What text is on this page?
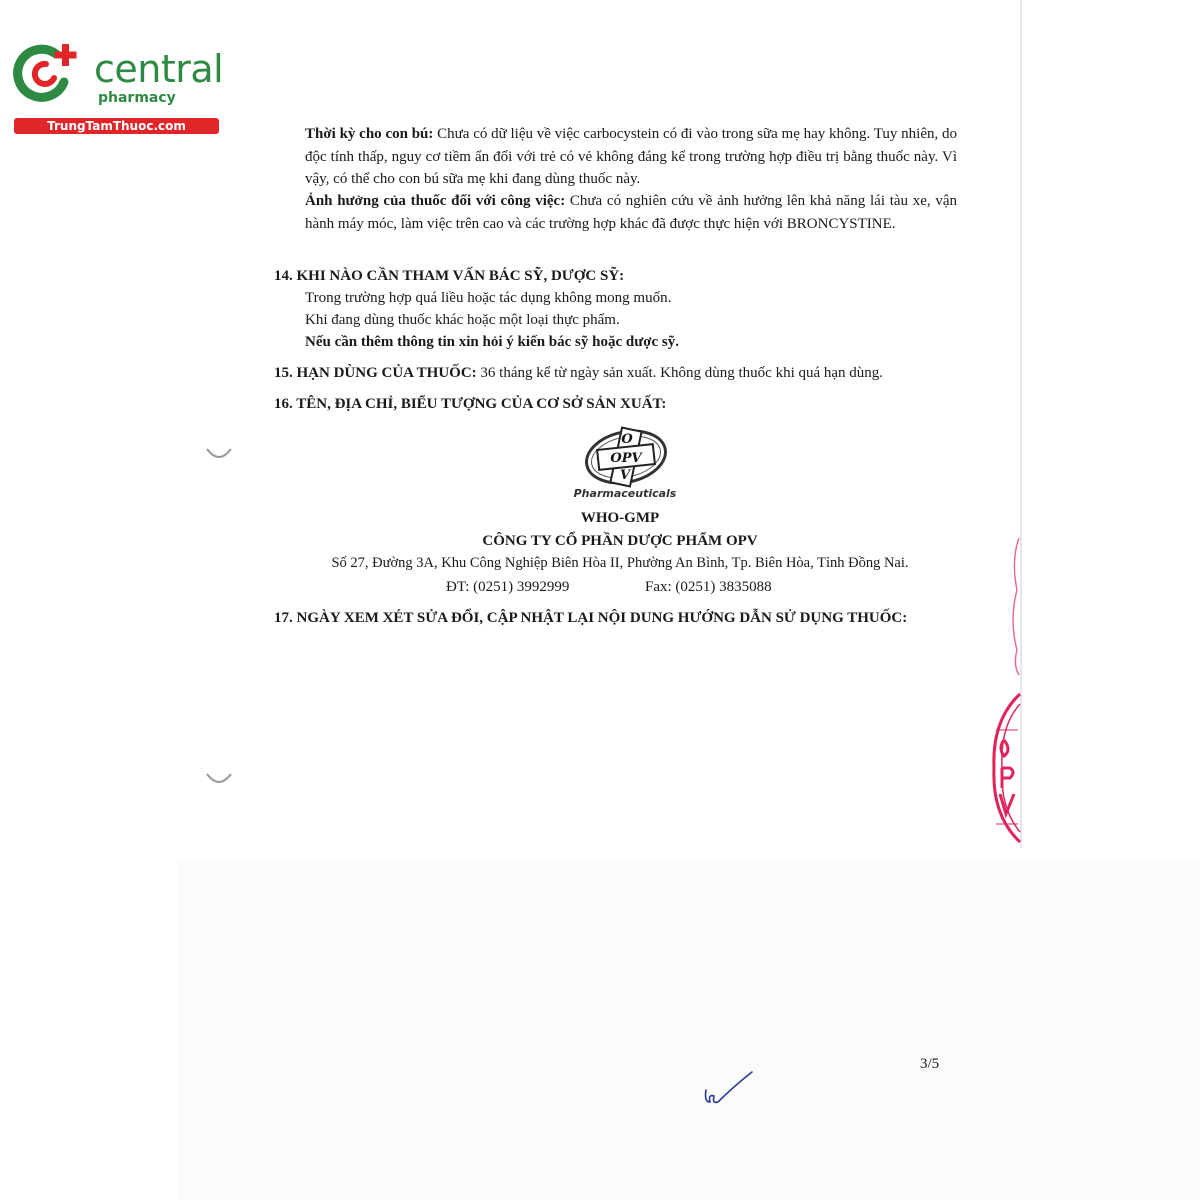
central
pharmacy
TrungTamThuoc.com	Thời kỳ cho con bú: Chưa có dữ liệu về việc carbocystein có đi vào trong sữa mẹ hay không. Tuy nhiên, do độc tính thấp, nguy cơ tiềm ẩn đối với trẻ có vẻ không đáng kể trong trường hợp điều trị bằng thuốc này. Vì vậy, có thể cho con bú sữa mẹ khi đang dùng thuốc này.
Ảnh hưởng của thuốc đối với công việc: Chưa có nghiên cứu về ảnh hưởng lên khả năng lái tàu xe, vận hành máy móc, làm việc trên cao và các trường hợp khác đã được thực hiện với BRONCYSTINE.
14. KHI NÀO CẦN THAM VẤN BÁC SỸ, DƯỢC SỸ:
Trong trường hợp quá liều hoặc tác dụng không mong muốn.
Khi đang dùng thuốc khác hoặc một loại thực phẩm.
Nếu cần thêm thông tin xin hỏi ý kiến bác sỹ hoặc dược sỹ.
15. HẠN DÙNG CỦA THUỐC: 36 tháng kể từ ngày sản xuất. Không dùng thuốc khi quá hạn dùng.
16. TÊN, ĐỊA CHỈ, BIỂU TƯỢNG CỦA CƠ SỞ SẢN XUẤT:
O
OPV
V
Pharmaceuticals
WHO-GMP
CÔNG TY CỔ PHẦN DƯỢC PHẨM OPV
Số 27, Đường 3A, Khu Công Nghiệp Biên Hòa II, Phường An Bình, Tp. Biên Hòa, Tỉnh Đồng Nai.
ĐT: (0251) 3992999	Fax: (0251) 3835088
17. NGÀY XEM XÉT SỬA ĐỔI, CẬP NHẬT LẠI NỘI DUNG HƯỚNG DẪN SỬ DỤNG THUỐC:
3/5
